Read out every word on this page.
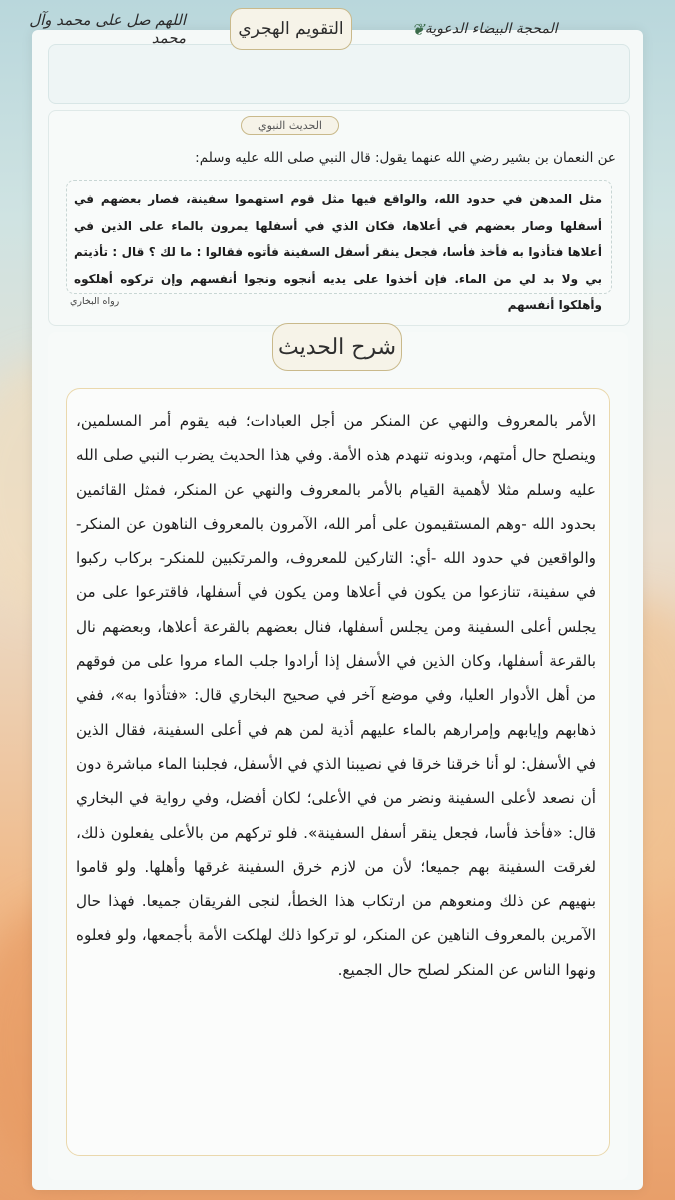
اللهم صل على محمد وآل محمد	التقويم الهجري	المحجة البيضاء الدعوية
❦
الحديث النبوي
عن النعمان بن بشير رضي الله عنهما يقول: قال النبي صلى الله عليه وسلم:
مثل المدهن في حدود الله، والواقع فيها مثل قوم استهموا سفينة، فصار بعضهم في أسفلها وصار بعضهم في أعلاها، فكان الذي في أسفلها يمرون بالماء على الذين في أعلاها فتأذوا به فأخذ فأسا، فجعل ينقر أسفل السفينة فأتوه فقالوا : ما لك ؟ قال : تأذيتم بي ولا بد لي من الماء. فإن أخذوا على يديه أنجوه ونجوا أنفسهم وإن تركوه أهلكوه وأهلكوا أنفسهم
رواه البخاري
شرح الحديث
الأمر بالمعروف والنهي عن المنكر من أجل العبادات؛ فبه يقوم أمر المسلمين، وينصلح حال أمتهم، وبدونه تنهدم هذه الأمة. وفي هذا الحديث يضرب النبي صلى الله عليه وسلم مثلا لأهمية القيام بالأمر بالمعروف والنهي عن المنكر، فمثل القائمين بحدود الله -وهم المستقيمون على أمر الله، الآمرون بالمعروف الناهون عن المنكر- والواقعين في حدود الله -أي: التاركين للمعروف، والمرتكبين للمنكر- بركاب ركبوا في سفينة، تنازعوا من يكون في أعلاها ومن يكون في أسفلها، فاقترعوا على من يجلس أعلى السفينة ومن يجلس أسفلها، فنال بعضهم بالقرعة أعلاها، وبعضهم نال بالقرعة أسفلها، وكان الذين في الأسفل إذا أرادوا جلب الماء مروا على من فوقهم من أهل الأدوار العليا، وفي موضع آخر في صحيح البخاري قال: «فتأذوا به»، ففي ذهابهم وإيابهم وإمرارهم بالماء عليهم أذية لمن هم في أعلى السفينة، فقال الذين في الأسفل: لو أنا خرقنا خرقا في نصيبنا الذي في الأسفل، فجلبنا الماء مباشرة دون أن نصعد لأعلى السفينة ونضر من في الأعلى؛ لكان أفضل، وفي رواية في البخاري قال: «فأخذ فأسا، فجعل ينقر أسفل السفينة». فلو تركهم من بالأعلى يفعلون ذلك، لغرقت السفينة بهم جميعا؛ لأن من لازم خرق السفينة غرقها وأهلها. ولو قاموا بنهيهم عن ذلك ومنعوهم من ارتكاب هذا الخطأ، لنجى الفريقان جميعا. فهذا حال الآمرين بالمعروف الناهين عن المنكر، لو تركوا ذلك لهلكت الأمة بأجمعها، ولو فعلوه ونهوا الناس عن المنكر لصلح حال الجميع.
